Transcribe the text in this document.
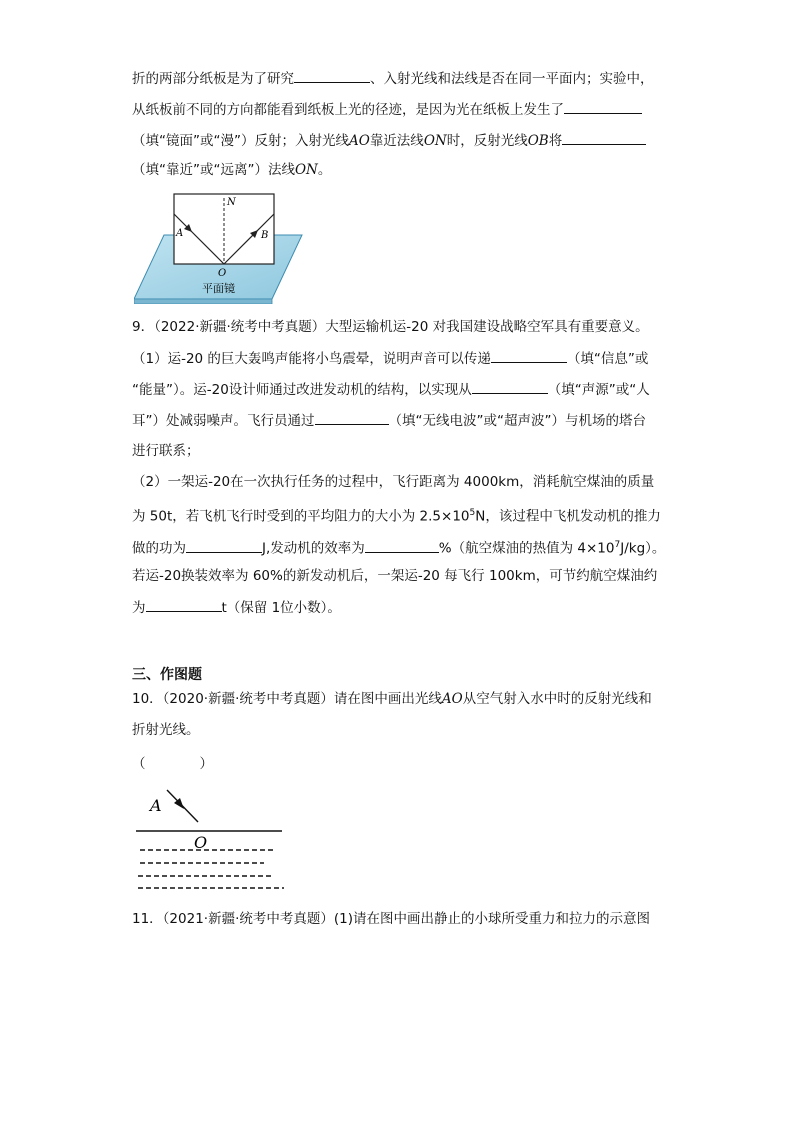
折的两部分纸板是为了研究	、入射光线和法线是否在同一平面内；实验中，
从纸板前不同的方向都能看到纸板上光的径迹，是因为光在纸板上发生了
（填“镜面”或“漫”）反射；入射光线AO靠近法线ON时，反射光线OB将
（填“靠近”或“远离”）法线ON。
N
A	B
O
平面镜
9．（2022·新疆·统考中考真题）大型运输机运-20 对我国建设战略空军具有重要意义。
（1）运-20 的巨大轰鸣声能将小鸟震晕，说明声音可以传递	（填“信息”或
“能量”）。运-20设计师通过改进发动机的结构，以实现从	（填“声源”或“人
耳”）处减弱噪声。飞行员通过	（填“无线电波”或“超声波”）与机场的塔台
进行联系；
（2）一架运-20在一次执行任务的过程中，飞行距离为 4000km，消耗航空煤油的质量
为 50t，若飞机飞行时受到的平均阻力的大小为 $2.5\times 10^5N$，该过程中飞机发动机的推力
做的功为	J,发动机的效率为	%（航空煤油的热值为 $4\times 10^7J/kg$）。
若运-20换装效率为 60%的新发动机后，一架运-20 每飞行 100km，可节约航空煤油约
为	t（保留 1位小数）。
三、作图题
10．（2020·新疆·统考中考真题）请在图中画出光线AO从空气射入水中时的反射光线和
折射光线。
（　　　　）
A
O
11．（2021·新疆·统考中考真题）(1)请在图中画出静止的小球所受重力和拉力的示意图
